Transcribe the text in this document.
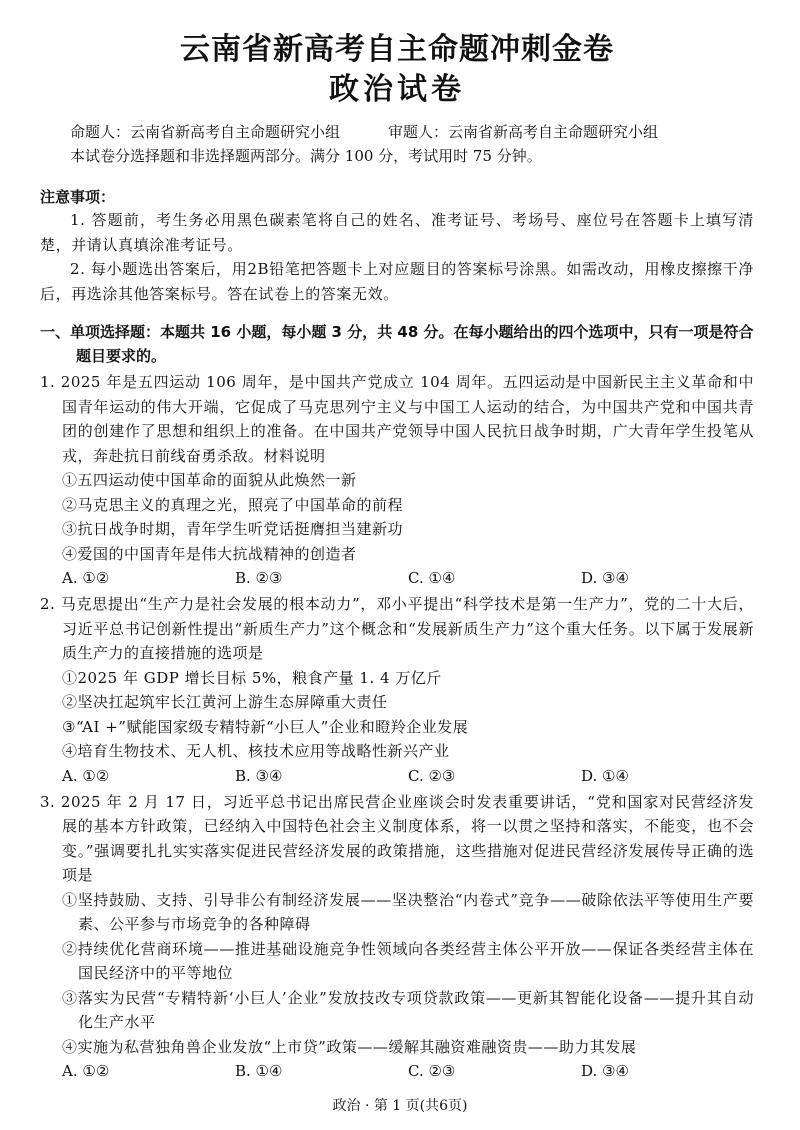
云南省新高考自主命题冲刺金卷
政治试卷
命题人：云南省新高考自主命题研究小组	审题人：云南省新高考自主命题研究小组
本试卷分选择题和非选择题两部分。满分 100 分，考试用时 75 分钟。
注意事项：
1. 答题前，考生务必用黑色碳素笔将自己的姓名、准考证号、考场号、座位号在答题卡上填写清楚，并请认真填涂准考证号。
2. 每小题选出答案后，用2B铅笔把答题卡上对应题目的答案标号涂黑。如需改动，用橡皮擦擦干净后，再选涂其他答案标号。答在试卷上的答案无效。
一、单项选择题：本题共 16 小题，每小题 3 分，共 48 分。在每小题给出的四个选项中，只有一项是符合题目要求的。
1. 2025 年是五四运动 106 周年，是中国共产党成立 104 周年。五四运动是中国新民主主义革命和中国青年运动的伟大开端，它促成了马克思列宁主义与中国工人运动的结合，为中国共产党和中国共青团的创建作了思想和组织上的准备。在中国共产党领导中国人民抗日战争时期，广大青年学生投笔从戎，奔赴抗日前线奋勇杀敌。材料说明
①五四运动使中国革命的面貌从此焕然一新
②马克思主义的真理之光，照亮了中国革命的前程
③抗日战争时期，青年学生听党话挺膺担当建新功
④爱国的中国青年是伟大抗战精神的创造者
A. ①②	B. ②③	C. ①④	D. ③④
2. 马克思提出“生产力是社会发展的根本动力”，邓小平提出“科学技术是第一生产力”，党的二十大后，习近平总书记创新性提出“新质生产力”这个概念和“发展新质生产力”这个重大任务。以下属于发展新质生产力的直接措施的选项是
①2025 年 GDP 增长目标 5%，粮食产量 1. 4 万亿斤
②坚决扛起筑牢长江黄河上游生态屏障重大责任
③“AI +”赋能国家级专精特新“小巨人”企业和瞪羚企业发展
④培育生物技术、无人机、核技术应用等战略性新兴产业
A. ①②	B. ③④	C. ②③	D. ①④
3. 2025 年 2 月 17 日，习近平总书记出席民营企业座谈会时发表重要讲话，“党和国家对民营经济发展的基本方针政策，已经纳入中国特色社会主义制度体系，将一以贯之坚持和落实，不能变，也不会变。”强调要扎扎实实落实促进民营经济发展的政策措施，这些措施对促进民营经济发展传导正确的选项是
①坚持鼓励、支持、引导非公有制经济发展——坚决整治“内卷式”竞争——破除依法平等使用生产要素、公平参与市场竞争的各种障碍
②持续优化营商环境——推进基础设施竞争性领域向各类经营主体公平开放——保证各类经营主体在国民经济中的平等地位
③落实为民营“专精特新‘小巨人’企业”发放技改专项贷款政策——更新其智能化设备——提升其自动化生产水平
④实施为私营独角兽企业发放“上市贷”政策——缓解其融资难融资贵——助力其发展
A. ①②	B. ①④	C. ②③	D. ③④
政治 · 第 1 页(共6页)
